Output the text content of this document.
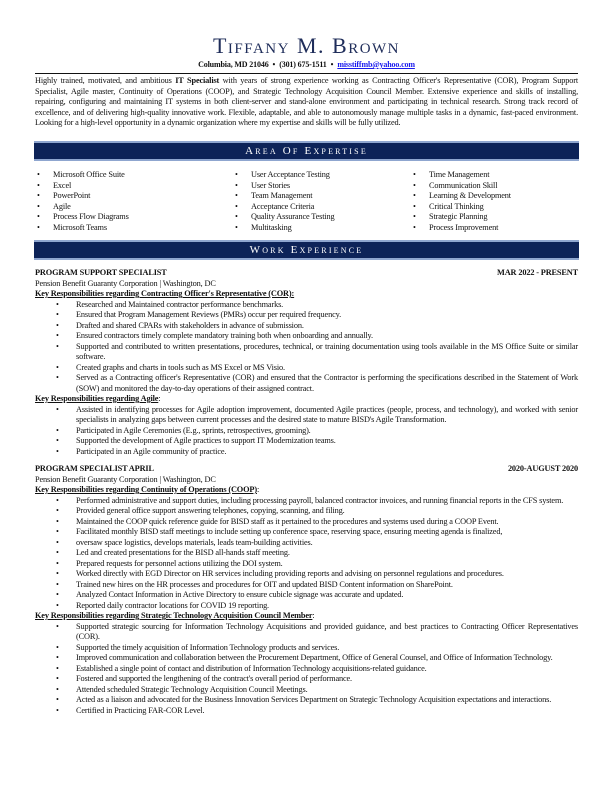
Tiffany M. Brown
Columbia, MD 21046 • (301) 675-1511 • misstiffmb@yahoo.com
Highly trained, motivated, and ambitious IT Specialist with years of strong experience working as Contracting Officer's Representative (COR), Program Support Specialist, Agile master, Continuity of Operations (COOP), and Strategic Technology Acquisition Council Member. Extensive experience and skills of installing, repairing, configuring and maintaining IT systems in both client-server and stand-alone environment and participating in technical research. Strong track record of excellence, and of delivering high-quality innovative work. Flexible, adaptable, and able to autonomously manage multiple tasks in a dynamic, fast-paced environment. Looking for a high-level opportunity in a dynamic organization where my expertise and skills will be fully utilized.
Area Of Expertise
• Microsoft Office Suite
• Excel
• PowerPoint
• Agile
• Process Flow Diagrams
• Microsoft Teams
• User Acceptance Testing
• User Stories
• Team Management
• Acceptance Criteria
• Quality Assurance Testing
• Multitasking
• Time Management
• Communication Skill
• Learning & Development
• Critical Thinking
• Strategic Planning
• Process Improvement
Work Experience
PROGRAM SUPPORT SPECIALIST	MAR 2022 - PRESENT
Pension Benefit Guaranty Corporation | Washington, DC
Key Responsibilities regarding Contracting Officer's Representative (COR):
• Researched and Maintained contractor performance benchmarks.
• Ensured that Program Management Reviews (PMRs) occur per required frequency.
• Drafted and shared CPARs with stakeholders in advance of submission.
• Ensured contractors timely complete mandatory training both when onboarding and annually.
• Supported and contributed to written presentations, procedures, technical, or training documentation using tools available in the MS Office Suite or similar software.
• Created graphs and charts in tools such as MS Excel or MS Visio.
• Served as a Contracting officer's Representative (COR) and ensured that the Contractor is performing the specifications described in the Statement of Work (SOW) and monitored the day-to-day operations of their assigned contract.
Key Responsibilities regarding Agile:
• Assisted in identifying processes for Agile adoption improvement, documented Agile practices (people, process, and technology), and worked with senior specialists in analyzing gaps between current processes and the desired state to mature BISD's Agile Transformation.
• Participated in Agile Ceremonies (E.g., sprints, retrospectives, grooming).
• Supported the development of Agile practices to support IT Modernization teams.
• Participated in an Agile community of practice.
PROGRAM SPECIALIST APRIL	2020-AUGUST 2020
Pension Benefit Guaranty Corporation | Washington, DC
Key Responsibilities regarding Continuity of Operations (COOP):
• Performed administrative and support duties, including processing payroll, balanced contractor invoices, and running financial reports in the CFS system.
• Provided general office support answering telephones, copying, scanning, and filing.
• Maintained the COOP quick reference guide for BISD staff as it pertained to the procedures and systems used during a COOP Event.
• Facilitated monthly BISD staff meetings to include setting up conference space, reserving space, ensuring meeting agenda is finalized,
• oversaw space logistics, develops materials, leads team-building activities.
• Led and created presentations for the BISD all-hands staff meeting.
• Prepared requests for personnel actions utilizing the DOI system.
• Worked directly with EGD Director on HR services including providing reports and advising on personnel regulations and procedures.
• Trained new hires on the HR processes and procedures for OIT and updated BISD Content information on SharePoint.
• Analyzed Contact Information in Active Directory to ensure cubicle signage was accurate and updated.
• Reported daily contractor locations for COVID 19 reporting.
Key Responsibilities regarding Strategic Technology Acquisition Council Member:
• Supported strategic sourcing for Information Technology Acquisitions and provided guidance, and best practices to Contracting Officer Representatives (COR).
• Supported the timely acquisition of Information Technology products and services.
• Improved communication and collaboration between the Procurement Department, Office of General Counsel, and Office of Information Technology.
• Established a single point of contact and distribution of Information Technology acquisitions-related guidance.
• Fostered and supported the lengthening of the contract's overall period of performance.
• Attended scheduled Strategic Technology Acquisition Council Meetings.
• Acted as a liaison and advocated for the Business Innovation Services Department on Strategic Technology Acquisition expectations and interactions.
• Certified in Practicing FAR-COR Level.
